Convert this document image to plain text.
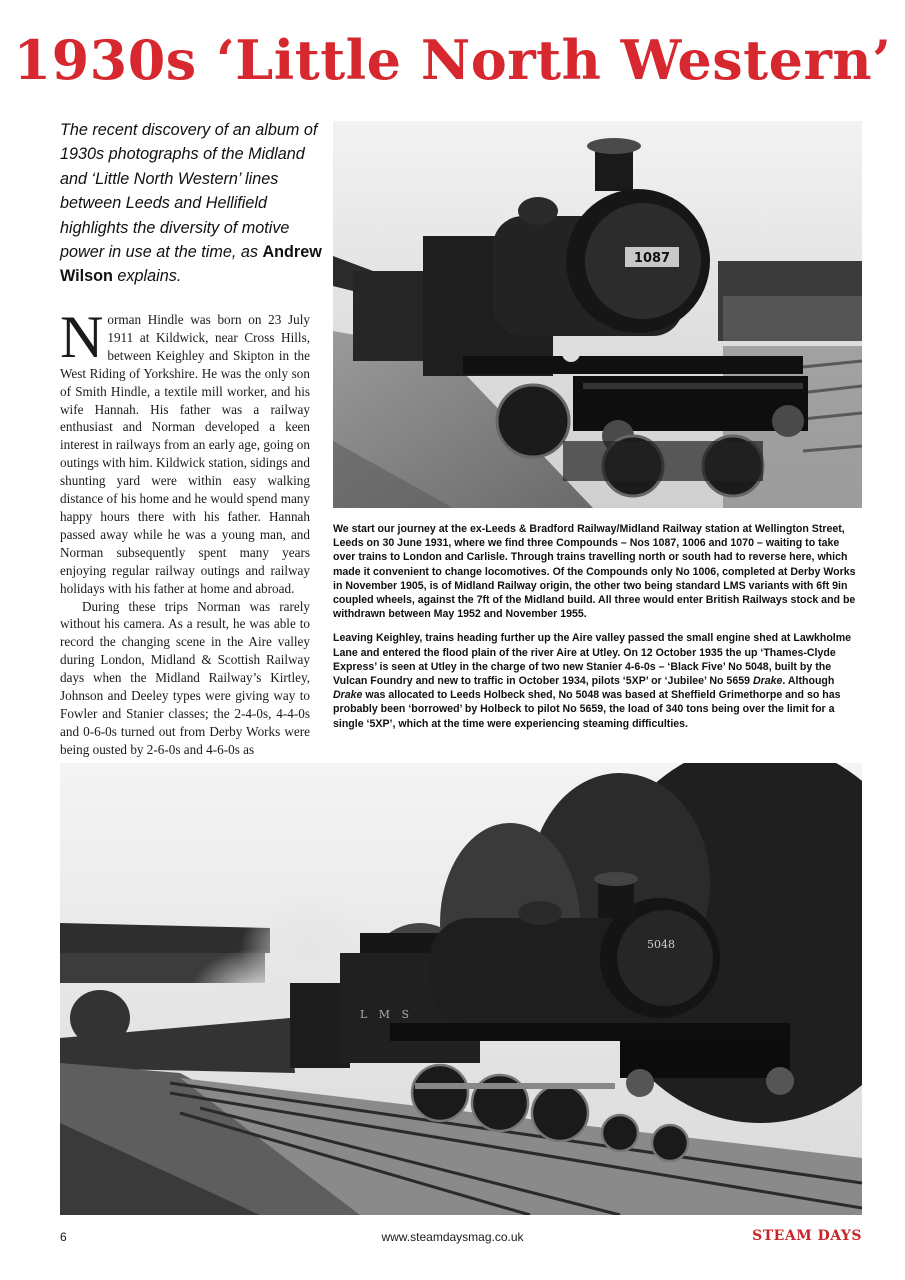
1930s ‘Little North Western’
The recent discovery of an album of 1930s photographs of the Midland and ‘Little North Western’ lines between Leeds and Hellifield highlights the diversity of motive power in use at the time, as Andrew Wilson explains.

Norman Hindle was born on 23 July 1911 at Kildwick, near Cross Hills, between Keighley and Skipton in the West Riding of Yorkshire. He was the only son of Smith Hindle, a textile mill worker, and his wife Hannah. His father was a railway enthusiast and Norman developed a keen interest in railways from an early age, going on outings with him. Kildwick station, sidings and shunting yard were within easy walking distance of his home and he would spend many happy hours there with his father. Hannah passed away while he was a young man, and Norman subsequently spent many years enjoying regular railway outings and railway holidays with his father at home and abroad.

During these trips Norman was rarely without his camera. As a result, he was able to record the changing scene in the Aire valley during London, Midland & Scottish Railway days when the Midland Railway’s Kirtley, Johnson and Deeley types were giving way to Fowler and Stanier classes; the 2-4-0s, 4-4-0s and 0-6-0s turned out from Derby Works were being ousted by 2-6-0s and 4-6-0s as

1087

We start our journey at the ex-Leeds & Bradford Railway/Midland Railway station at Wellington Street, Leeds on 30 June 1931, where we find three Compounds – Nos 1087, 1006 and 1070 – waiting to take over trains to London and Carlisle. Through trains travelling north or south had to reverse here, which made it convenient to change locomotives. Of the Compounds only No 1006, completed at Derby Works in November 1905, is of Midland Railway origin, the other two being standard LMS variants with 6ft 9in coupled wheels, against the 7ft of the Midland build. All three would enter British Railways stock and be withdrawn between May 1952 and November 1955.

Leaving Keighley, trains heading further up the Aire valley passed the small engine shed at Lawkholme Lane and entered the flood plain of the river Aire at Utley. On 12 October 1935 the up ‘Thames-Clyde Express’ is seen at Utley in the charge of two new Stanier 4-6-0s – ‘Black Five’ No 5048, built by the Vulcan Foundry and new to traffic in October 1934, pilots ‘5XP’ or ‘Jubilee’ No 5659 Drake. Although Drake was allocated to Leeds Holbeck shed, No 5048 was based at Sheffield Grimethorpe and so has probably been ‘borrowed’ by Holbeck to pilot No 5659, the load of 340 tons being over the limit for a single ‘5XP’, which at the time were experiencing steaming difficulties.

L M S
5048
6	www.steamdaysmag.co.uk	STEAM DAYS
